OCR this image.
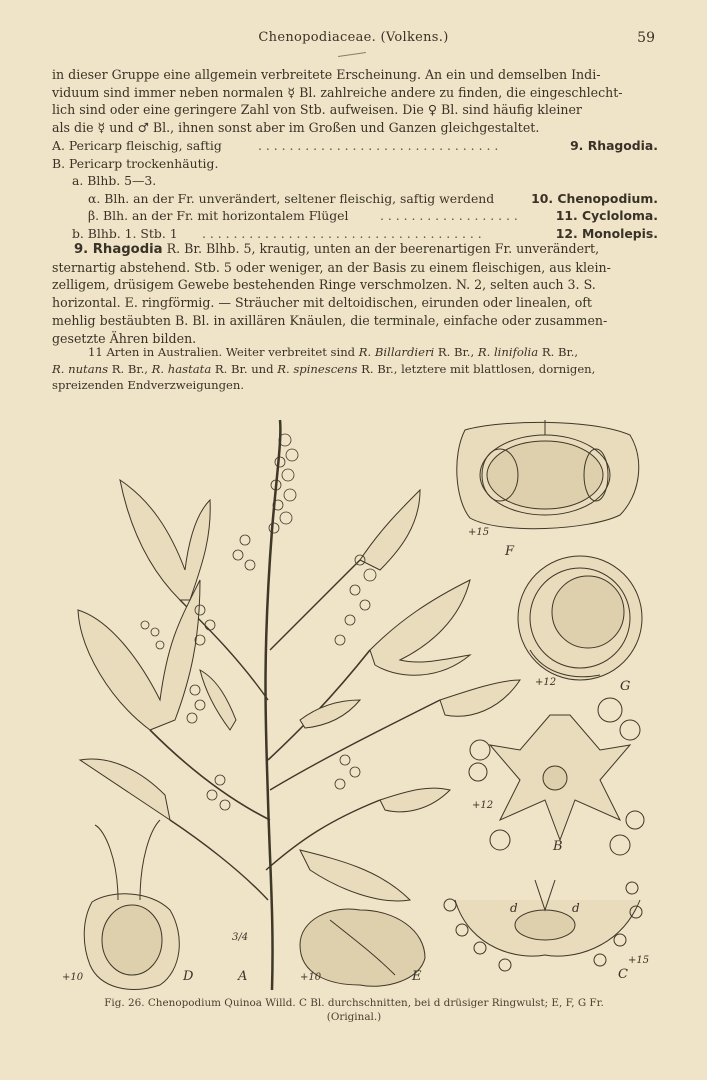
Chenopodiaceae. (Volkens.)	59
in dieser Gruppe eine allgemein verbreitete Erscheinung. An ein und demselben Indi-
viduum sind immer neben normalen ☿ Bl. zahlreiche andere zu finden, die eingeschlecht-
lich sind oder eine geringere Zahl von Stb. aufweisen. Die ♀ Bl. sind häufig kleiner
als die ☿ und ♂ Bl., ihnen sonst aber im Großen und Ganzen gleichgestaltet.
A. Pericarp fleischig, saftig	. . . . . . . . . . . . . . . . . . . . . . . . . . . . . . .	9. Rhagodia.
B. Pericarp trockenhäutig.
a. Blhb. 5—3.
α. Blh. an der Fr. unverändert, seltener fleischig, saftig werdend	10. Chenopodium.
β. Blh. an der Fr. mit horizontalem Flügel	. . . . . . . . . . . . . . . . . .	11. Cycloloma.
b. Blhb. 1. Stb. 1 . . . . . . . . . . . . . . . . . . . . . . . . . . . . . . . . . . . .	12. Monolepis.
9. Rhagodia R. Br. Blhb. 5, krautig, unten an der beerenartigen Fr. unverändert,
sternartig abstehend. Stb. 5 oder weniger, an der Basis zu einem fleischigen, aus klein-
zelligem, drüsigem Gewebe bestehenden Ringe verschmolzen. N. 2, selten auch 3. S.
horizontal. E. ringförmig. — Sträucher mit deltoidischen, eirunden oder linealen, oft
mehlig bestäubten B. Bl. in axillären Knäulen, die terminale, einfache oder zusammen-
gesetzte Ähren bilden.
11 Arten in Australien. Weiter verbreitet sind R. Billardieri R. Br., R. linifolia R. Br.,
R. nutans R. Br., R. hastata R. Br. und R. spinescens R. Br., letztere mit blattlosen, dornigen,
spreizenden Endverzweigungen.
F
+15
G
+12
B
+12
C
+15
d	d
D
+10	A
3/4
E
+10
Fig. 26. Chenopodium Quinoa Willd. C Bl. durchschnitten, bei d drüsiger Ringwulst; E, F, G Fr.
(Original.)
